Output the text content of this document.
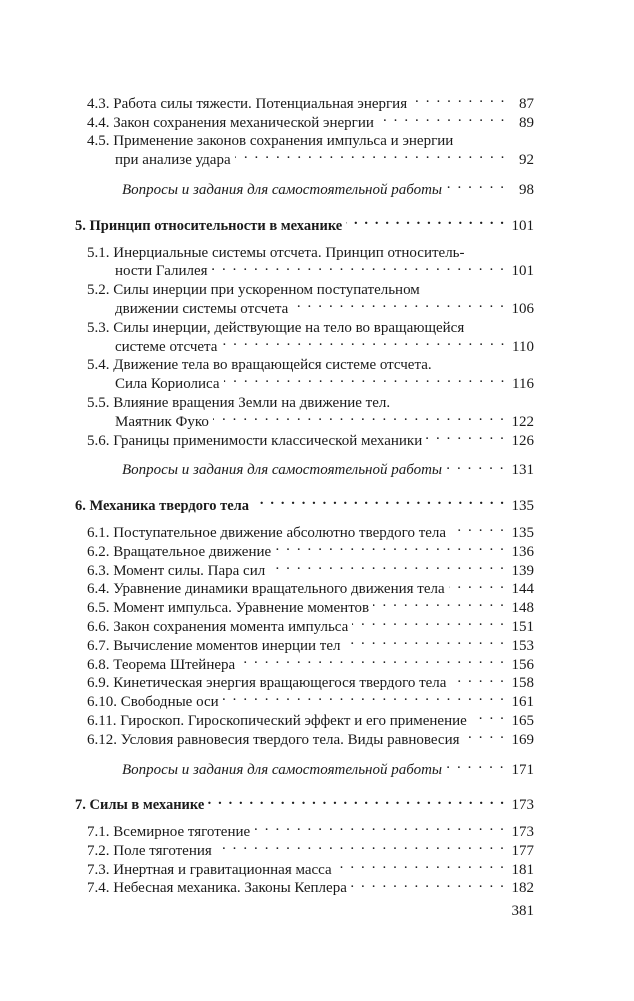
4.3. Работа силы тяжести. Потенциальная энергия . . .	87
4.4. Закон сохранения механической энергии . . .	89
4.5. Применение законов сохранения импульса и энергии
при анализе удара . . .	92
Вопросы и задания для самостоятельной работы . . .	98
5. Принцип относительности в механике . . .	101
5.1. Инерциальные системы отсчета. Принцип относитель-
ности Галилея . . .	101
5.2. Силы инерции при ускоренном поступательном
движении системы отсчета . . .	106
5.3. Силы инерции, действующие на тело во вращающейся
системе отсчета . . .	110
5.4. Движение тела во вращающейся системе отсчета.
Сила Кориолиса . . .	116
5.5. Влияние вращения Земли на движение тел.
Маятник Фуко . . .	122
5.6. Границы применимости классической механики . . .	126
Вопросы и задания для самостоятельной работы . . .	131
6. Механика твердого тела . . .	135
6.1. Поступательное движение абсолютно твердого тела . . .	135
6.2. Вращательное движение . . .	136
6.3. Момент силы. Пара сил . . .	139
6.4. Уравнение динамики вращательного движения тела . . .	144
6.5. Момент импульса. Уравнение моментов . . .	148
6.6. Закон сохранения момента импульса . . .	151
6.7. Вычисление моментов инерции тел . . .	153
6.8. Теорема Штейнера . . .	156
6.9. Кинетическая энергия вращающегося твердого тела . . .	158
6.10. Свободные оси . . .	161
6.11. Гироскоп. Гироскопический эффект и его применение . . .	165
6.12. Условия равновесия твердого тела. Виды равновесия . . .	169
Вопросы и задания для самостоятельной работы . . .	171
7. Силы в механике . . .	173
7.1. Всемирное тяготение . . .	173
7.2. Поле тяготения . . .	177
7.3. Инертная и гравитационная масса . . .	181
7.4. Небесная механика. Законы Кеплера . . .	182
381
